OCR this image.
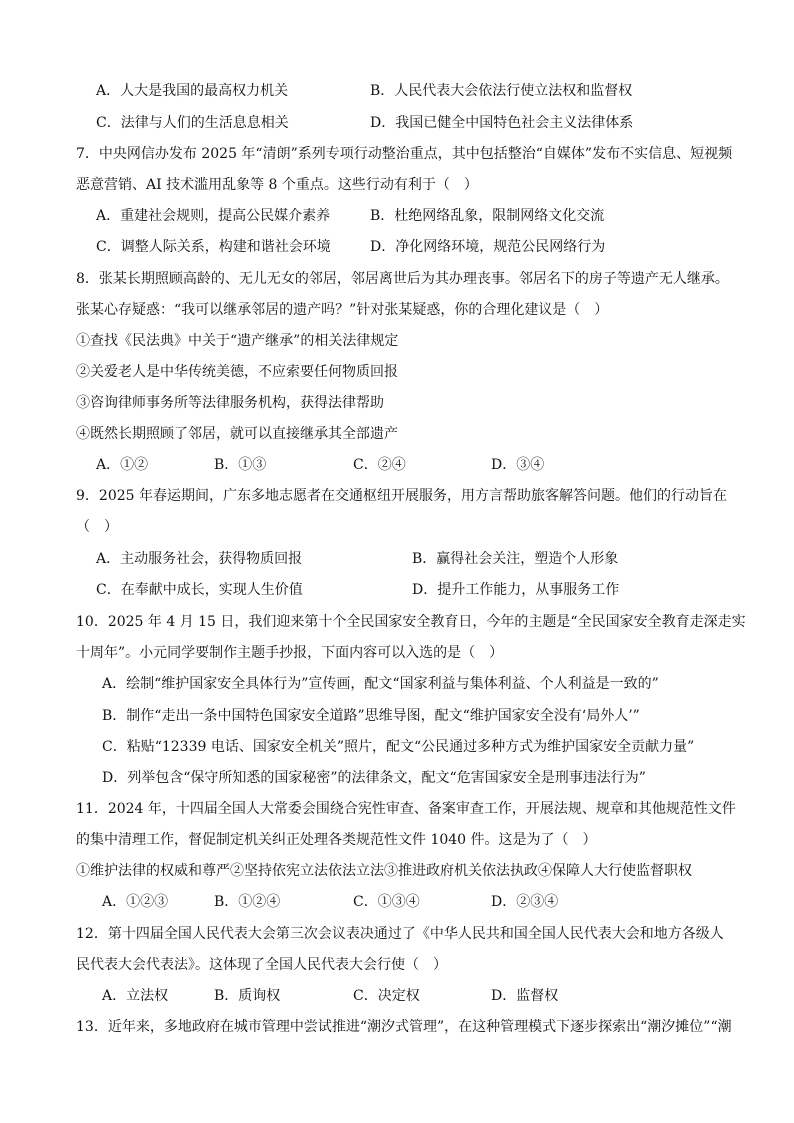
A．人大是我国的最高权力机关	B．人民代表大会依法行使立法权和监督权
C．法律与人们的生活息息相关	D．我国已健全中国特色社会主义法律体系
7．中央网信办发布 2025 年“清朗”系列专项行动整治重点，其中包括整治“自媒体”发布不实信息、短视频
恶意营销、AI 技术滥用乱象等 8 个重点。这些行动有利于（　）
A．重建社会规则，提高公民媒介素养	B．杜绝网络乱象，限制网络文化交流
C．调整人际关系，构建和谐社会环境	D．净化网络环境，规范公民网络行为
8．张某长期照顾高龄的、无儿无女的邻居，邻居离世后为其办理丧事。邻居名下的房子等遗产无人继承。
张某心存疑惑：“我可以继承邻居的遗产吗？”针对张某疑惑，你的合理化建议是（　）
①查找《民法典》中关于“遗产继承”的相关法律规定
②关爱老人是中华传统美德，不应索要任何物质回报
③咨询律师事务所等法律服务机构，获得法律帮助
④既然长期照顾了邻居，就可以直接继承其全部遗产
A．①②	B．①③	C．②④	D．③④
9．2025 年春运期间，广东多地志愿者在交通枢纽开展服务，用方言帮助旅客解答问题。他们的行动旨在
（　）
A．主动服务社会，获得物质回报	B．赢得社会关注，塑造个人形象
C．在奉献中成长，实现人生价值	D．提升工作能力，从事服务工作
10．2025 年 4 月 15 日，我们迎来第十个全民国家安全教育日，今年的主题是“全民国家安全教育走深走实
十周年”。小元同学要制作主题手抄报，下面内容可以入选的是（　）
A．绘制“维护国家安全具体行为”宣传画，配文“国家利益与集体利益、个人利益是一致的”
B．制作“走出一条中国特色国家安全道路”思维导图，配文“维护国家安全没有‘局外人’”
C．粘贴“12339 电话、国家安全机关”照片，配文“公民通过多种方式为维护国家安全贡献力量”
D．列举包含“保守所知悉的国家秘密”的法律条文，配文“危害国家安全是刑事违法行为”
11．2024 年，十四届全国人大常委会围绕合宪性审查、备案审查工作，开展法规、规章和其他规范性文件
的集中清理工作，督促制定机关纠正处理各类规范性文件 1040 件。这是为了（　）
①维护法律的权威和尊严②坚持依宪立法依法立法③推进政府机关依法执政④保障人大行使监督职权
A．①②③	B．①②④	C．①③④	D．②③④
12．第十四届全国人民代表大会第三次会议表决通过了《中华人民共和国全国人民代表大会和地方各级人
民代表大会代表法》。这体现了全国人民代表大会行使（　）
A．立法权	B．质询权	C．决定权	D．监督权
13．近年来，多地政府在城市管理中尝试推进“潮汐式管理”，在这种管理模式下逐步探索出“潮汐摊位”“潮
